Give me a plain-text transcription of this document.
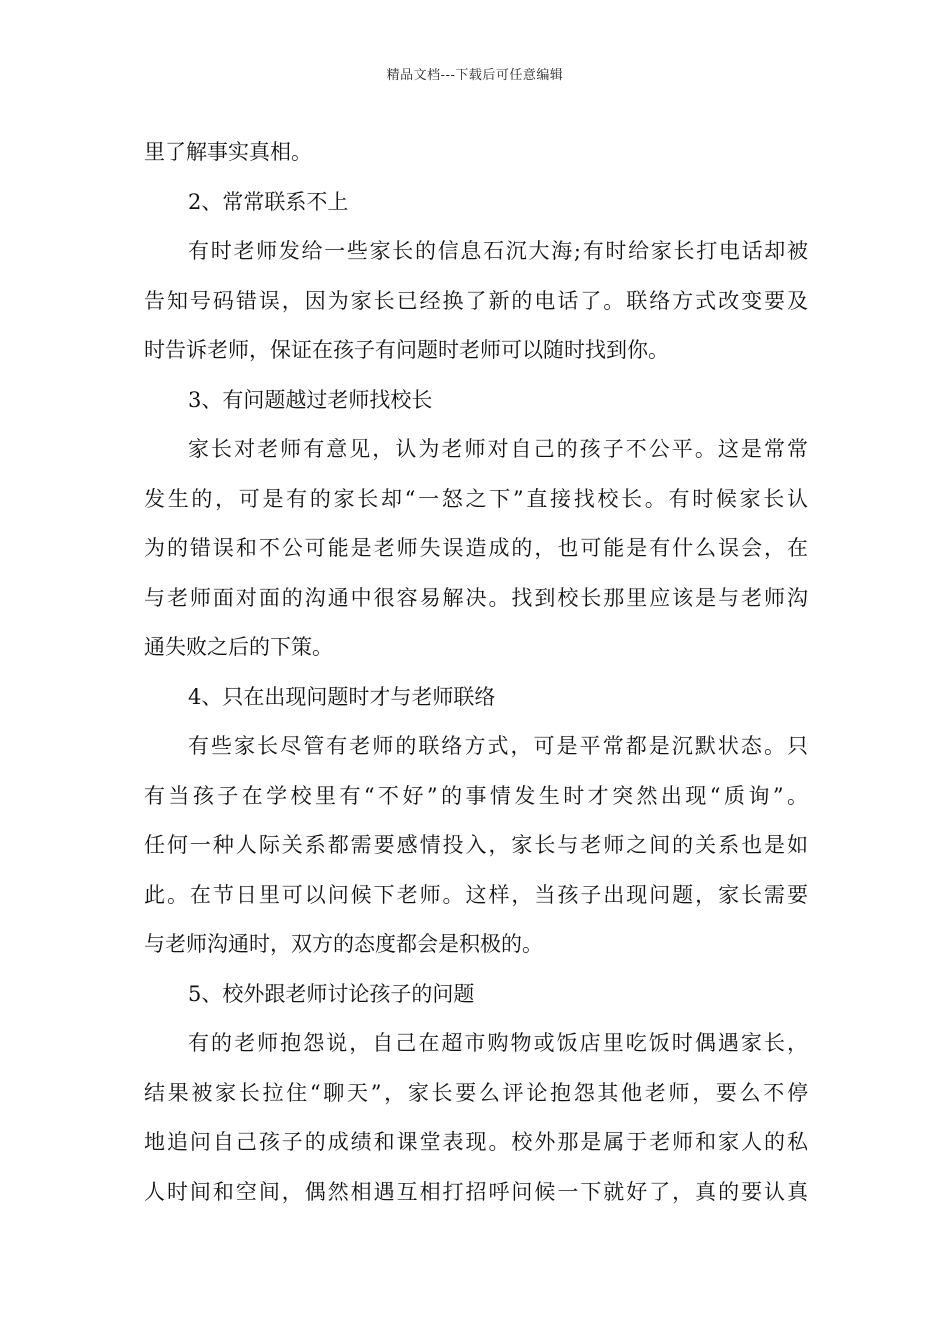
精品文档---下载后可任意编辑
里了解事实真相。
2、常常联系不上
有时老师发给一些家长的信息石沉大海;有时给家长打电话却被
告知号码错误，因为家长已经换了新的电话了。联络方式改变要及
时告诉老师，保证在孩子有问题时老师可以随时找到你。
3、有问题越过老师找校长
家长对老师有意见，认为老师对自己的孩子不公平。这是常常
发生的，可是有的家长却“一怒之下”直接找校长。有时候家长认
为的错误和不公可能是老师失误造成的，也可能是有什么误会，在
与老师面对面的沟通中很容易解决。找到校长那里应该是与老师沟
通失败之后的下策。
4、只在出现问题时才与老师联络
有些家长尽管有老师的联络方式，可是平常都是沉默状态。只
有当孩子在学校里有“不好”的事情发生时才突然出现“质询”。
任何一种人际关系都需要感情投入，家长与老师之间的关系也是如
此。在节日里可以问候下老师。这样，当孩子出现问题，家长需要
与老师沟通时，双方的态度都会是积极的。
5、校外跟老师讨论孩子的问题
有的老师抱怨说，自己在超市购物或饭店里吃饭时偶遇家长，
结果被家长拉住“聊天”，家长要么评论抱怨其他老师，要么不停
地追问自己孩子的成绩和课堂表现。校外那是属于老师和家人的私
人时间和空间，偶然相遇互相打招呼问候一下就好了，真的要认真
